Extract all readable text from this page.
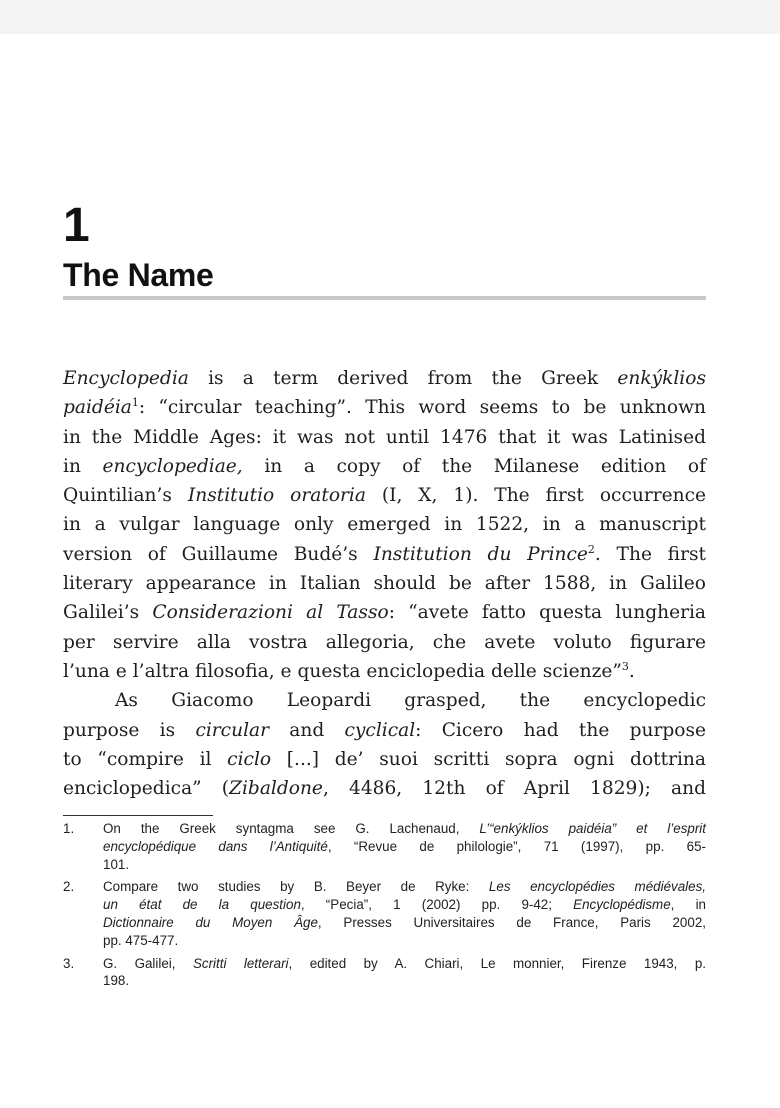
1
The Name
Encyclopedia is a term derived from the Greek enkýklios
paidéia$^1$: “circular teaching”. This word seems to be unknown
in the Middle Ages: it was not until 1476 that it was Latinised
in encyclopediae, in a copy of the Milanese edition of
Quintilian’s Institutio oratoria (I, X, 1). The first occurrence
in a vulgar language only emerged in 1522, in a manuscript
version of Guillaume Budé’s Institution du Prince$^2$. The first
literary appearance in Italian should be after 1588, in Galileo
Galilei’s Considerazioni al Tasso: “avete fatto questa lungheria
per servire alla vostra allegoria, che avete voluto figurare
l’una e l’altra filosofia, e questa enciclopedia delle scienze”$^3$.
As Giacomo Leopardi grasped, the encyclopedic
purpose is circular and cyclical: Cicero had the purpose
to “compire il ciclo [...] de’ suoi scritti sopra ogni dottrina
enciclopedica” (Zibaldone, 4486, 12th of April 1829); and
1. On the Greek syntagma see G. Lachenaud, L’“enkýklios paidéia” et l’esprit
encyclopédique dans l’Antiquité, “Revue de philologie”, 71 (1997), pp. 65-
101.
2. Compare two studies by B. Beyer de Ryke: Les encyclopédies médiévales,
un état de la question, “Pecia”, 1 (2002) pp. 9-42; Encyclopédisme, in
Dictionnaire du Moyen Âge, Presses Universitaires de France, Paris 2002,
pp. 475-477.
3. G. Galilei, Scritti letterari, edited by A. Chiari, Le monnier, Firenze 1943, p.
198.
